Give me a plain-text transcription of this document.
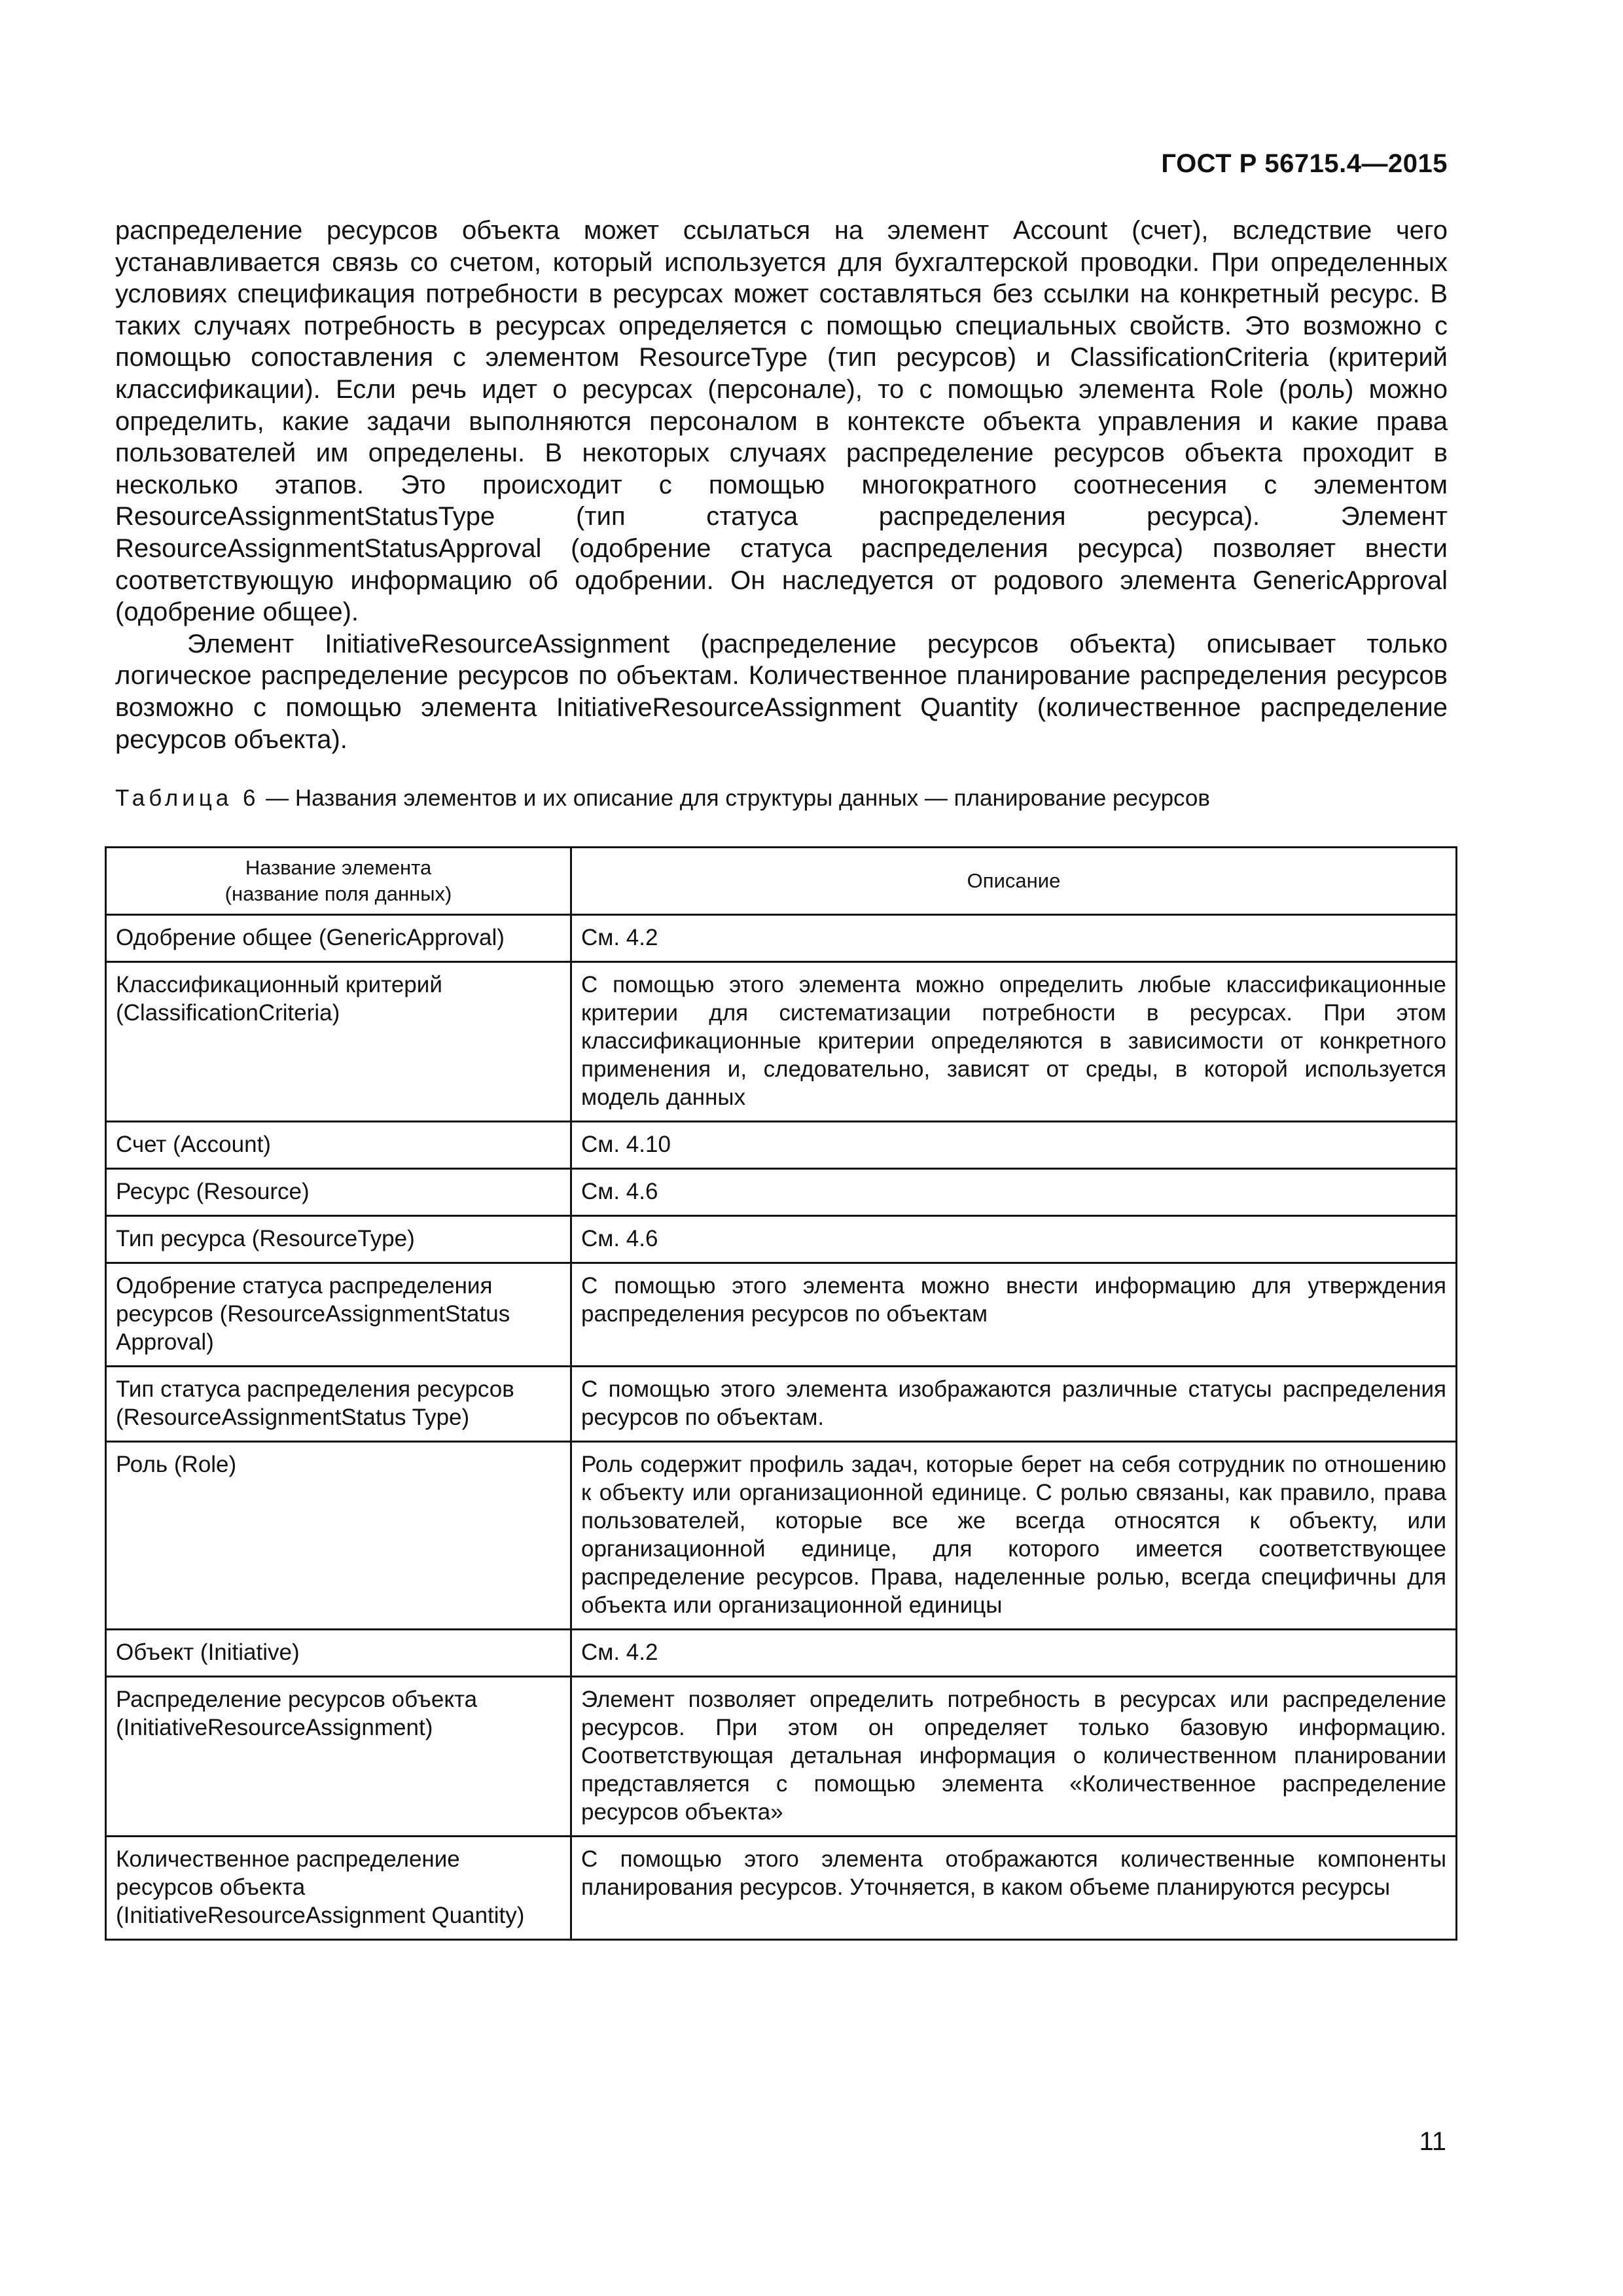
ГОСТ Р 56715.4—2015

распределение ресурсов объекта может ссылаться на элемент Account (счет), вследствие чего устанавливается связь со счетом, который используется для бухгалтерской проводки. При определенных условиях спецификация потребности в ресурсах может составляться без ссылки на конкретный ресурс. В таких случаях потребность в ресурсах определяется с помощью специальных свойств. Это возможно с помощью сопоставления с элементом ResourceType (тип ресурсов) и ClassificationCriteria (критерий классификации). Если речь идет о ресурсах (персонале), то с помощью элемента Role (роль) можно определить, какие задачи выполняются персоналом в контексте объекта управления и какие права пользователей им определены. В некоторых случаях распределение ресурсов объекта проходит в несколько этапов. Это происходит с помощью многократного соотнесения с элементом ResourceAssignmentStatusType (тип статуса распределения ресурса). Элемент ResourceAssignmentStatusApproval (одобрение статуса распределения ресурса) позволяет внести соответствующую информацию об одобрении. Он наследуется от родового элемента GenericApproval (одобрение общее).

Элемент InitiativeResourceAssignment (распределение ресурсов объекта) описывает только логическое распределение ресурсов по объектам. Количественное планирование распределения ресурсов возможно с помощью элемента InitiativeResourceAssignment Quantity (количественное распределение ресурсов объекта).

Таблица 6 — Названия элементов и их описание для структуры данных — планирование ресурсов
Название элемента
(название поля данных)	Описание
Одобрение общее (GenericApproval)	См. 4.2
Классификационный критерий (ClassificationCriteria)	С помощью этого элемента можно определить любые классификационные критерии для систематизации потребности в ресурсах. При этом классификационные критерии определяются в зависимости от конкретного применения и, следовательно, зависят от среды, в которой используется модель данных
Счет (Account)	См. 4.10
Ресурс (Resource)	См. 4.6
Тип ресурса (ResourceType)	См. 4.6
Одобрение статуса распределения ресурсов (ResourceAssignmentStatus Approval)	С помощью этого элемента можно внести информацию для утверждения распределения ресурсов по объектам
Тип статуса распределения ресурсов (ResourceAssignmentStatus Type)	С помощью этого элемента изображаются различные статусы распределения ресурсов по объектам.
Роль (Role)	Роль содержит профиль задач, которые берет на себя сотрудник по отношению к объекту или организационной единице. С ролью связаны, как правило, права пользователей, которые все же всегда относятся к объекту, или организационной единице, для которого имеется соответствующее распределение ресурсов. Права, наделенные ролью, всегда специфичны для объекта или организационной единицы
Объект (Initiative)	См. 4.2
Распределение ресурсов объекта (InitiativeResourceAssignment)	Элемент позволяет определить потребность в ресурсах или распределение ресурсов. При этом он определяет только базовую информацию. Соответствующая детальная информация о количественном планировании представляется с помощью элемента «Количественное распределение ресурсов объекта»
Количественное распределение ресурсов объекта (InitiativeResourceAssignment Quantity)	С помощью этого элемента отображаются количественные компоненты планирования ресурсов. Уточняется, в каком объеме планируются ресурсы
11
